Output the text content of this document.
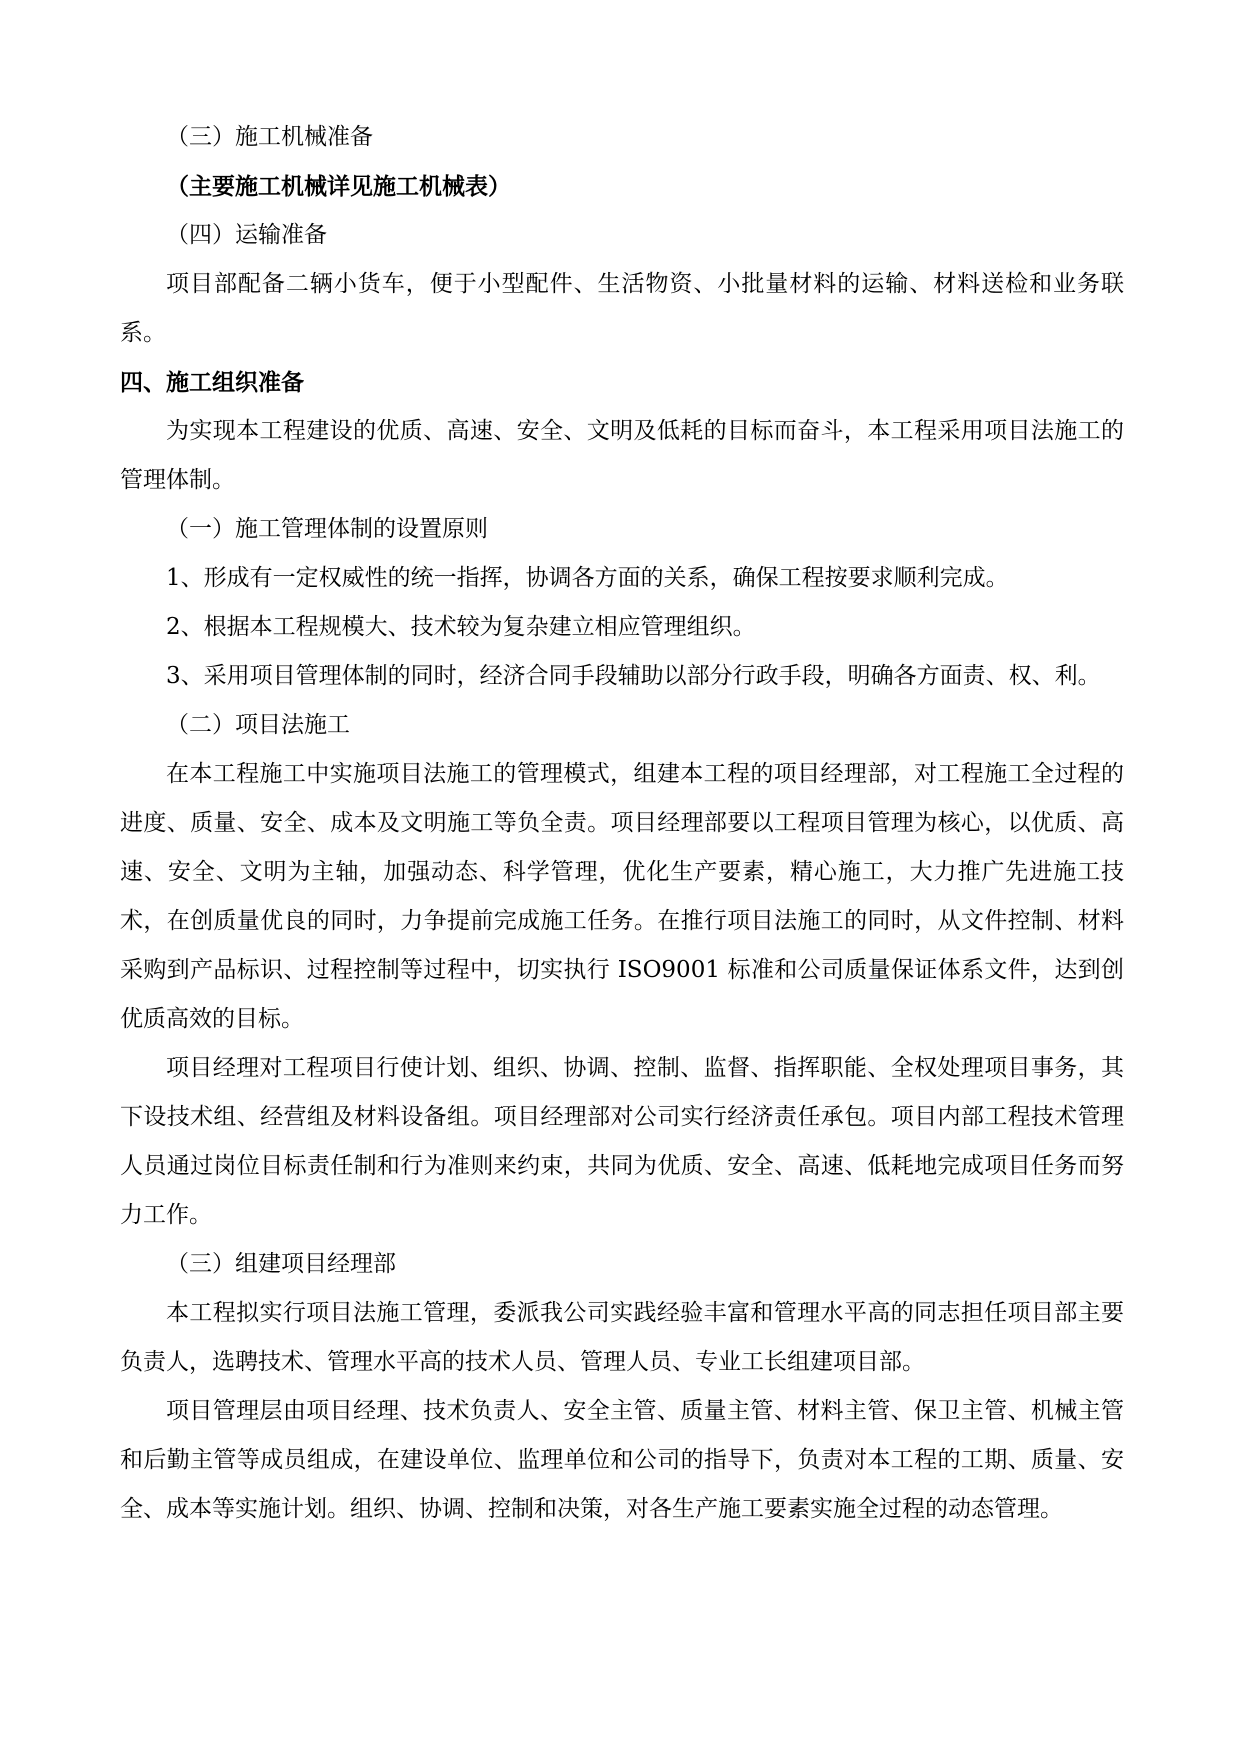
（三）施工机械准备

（主要施工机械详见施工机械表）

（四）运输准备

项目部配备二辆小货车，便于小型配件、生活物资、小批量材料的运输、材料送检和业务联系。

四、施工组织准备

为实现本工程建设的优质、高速、安全、文明及低耗的目标而奋斗，本工程采用项目法施工的管理体制。

（一）施工管理体制的设置原则

1、形成有一定权威性的统一指挥，协调各方面的关系，确保工程按要求顺利完成。

2、根据本工程规模大、技术较为复杂建立相应管理组织。

3、采用项目管理体制的同时，经济合同手段辅助以部分行政手段，明确各方面责、权、利。

（二）项目法施工

在本工程施工中实施项目法施工的管理模式，组建本工程的项目经理部，对工程施工全过程的进度、质量、安全、成本及文明施工等负全责。项目经理部要以工程项目管理为核心，以优质、高速、安全、文明为主轴，加强动态、科学管理，优化生产要素，精心施工，大力推广先进施工技术，在创质量优良的同时，力争提前完成施工任务。在推行项目法施工的同时，从文件控制、材料采购到产品标识、过程控制等过程中，切实执行 ISO9001 标准和公司质量保证体系文件，达到创优质高效的目标。

项目经理对工程项目行使计划、组织、协调、控制、监督、指挥职能、全权处理项目事务，其下设技术组、经营组及材料设备组。项目经理部对公司实行经济责任承包。项目内部工程技术管理人员通过岗位目标责任制和行为准则来约束，共同为优质、安全、高速、低耗地完成项目任务而努力工作。

（三）组建项目经理部

本工程拟实行项目法施工管理，委派我公司实践经验丰富和管理水平高的同志担任项目部主要负责人，选聘技术、管理水平高的技术人员、管理人员、专业工长组建项目部。

项目管理层由项目经理、技术负责人、安全主管、质量主管、材料主管、保卫主管、机械主管和后勤主管等成员组成，在建设单位、监理单位和公司的指导下，负责对本工程的工期、质量、安全、成本等实施计划。组织、协调、控制和决策，对各生产施工要素实施全过程的动态管理。
